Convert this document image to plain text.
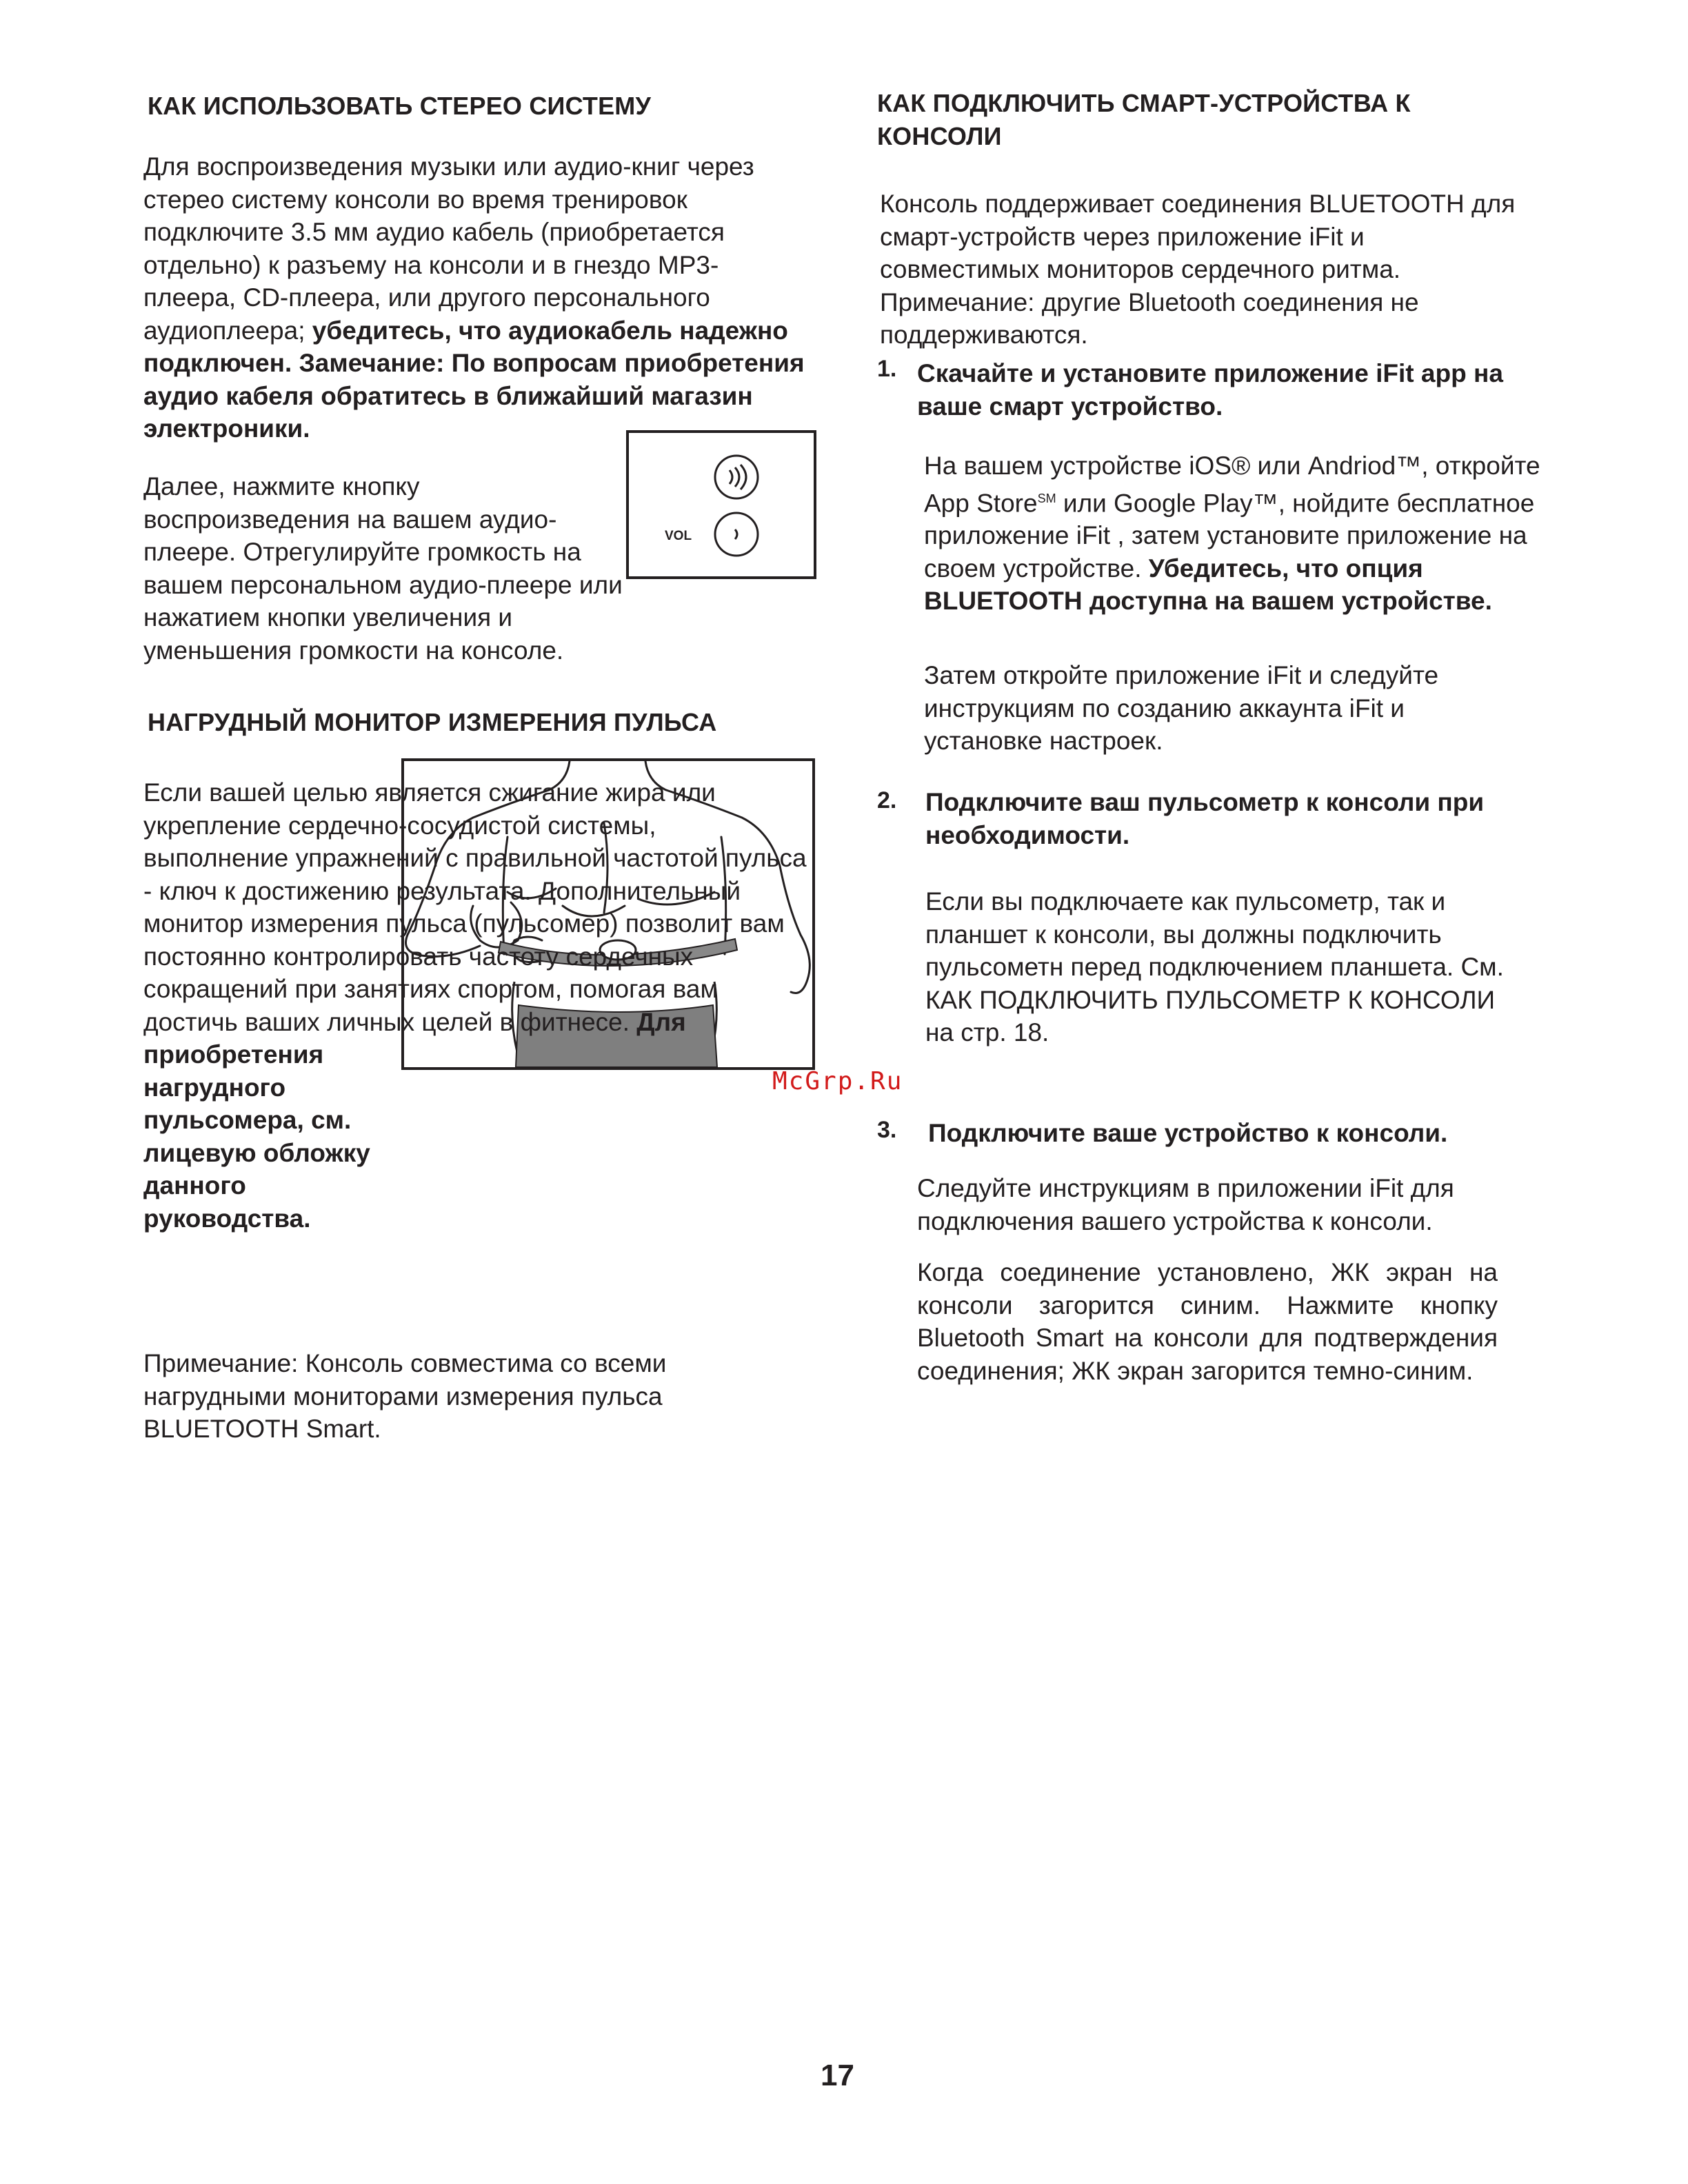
КАК ИСПОЛЬЗОВАТЬ СТЕРЕО СИСТЕМУ

Для воспроизведения музыки или аудио-книг через стерео систему консоли во время тренировок подключите 3.5 мм аудио кабель (приобретается отдельно) к разъему на консоли и в гнездо MP3-плеера, CD-плеера, или другого персонального аудиоплеера; убедитесь, что аудиокабель надежно подключен. Замечание: По вопросам приобретения аудио кабеля обратитесь в ближайший магазин электроники.

Далее, нажмите кнопку воспроизведения на вашем аудио-плеере. Отрегулируйте громкость на вашем персональном аудио-плеере или нажатием кнопки увеличения и уменьшения громкости на консоле.

VOL
НАГРУДНЫЙ МОНИТОР ИЗМЕРЕНИЯ ПУЛЬСА

Если вашей целью является сжигание жира или укрепление сердечно-сосудистой системы, выполнение упражнений с правильной частотой пульса - ключ к достижению результата. Дополнительный монитор измерения пульса (пульсомер) позволит вам постоянно контролировать частоту сердечных сокращений при занятиях спортом, помогая вам достичь ваших личных целей в фитнесе. Для приобретения нагрудного пульсомера, см. лицевую обложку данного руководства.

Примечание: Консоль совместима со всеми нагрудными мониторами измерения пульса BLUETOOTH Smart.

КАК ПОДКЛЮЧИТЬ СМАРТ-УСТРОЙСТВА К КОНСОЛИ

Консоль поддерживает соединения BLUETOOTH для смарт-устройств через приложение iFit и совместимых мониторов сердечного ритма. Примечание: другие Bluetooth соединения не поддерживаются.

1. Скачайте и установите приложение iFit app на ваше смарт устройство.

На вашем устройстве iOS® или Andriod™, откройте App Store℠ или Google Play™, нойдите бесплатное приложение iFit , затем установите приложение на своем устройстве. Убедитесь, что опция BLUETOOTH доступна на вашем устройстве.

Затем откройте приложение iFit и следуйте инструкциям по созданию аккаунта iFit и установке настроек.

2. Подключите ваш пульсометр к консоли при необходимости.

Если вы подключаете как пульсометр, так и планшет к консоли, вы должны подключить пульсометн перед подключением планшета. См. КАК ПОДКЛЮЧИТЬ ПУЛЬСОМЕТР К КОНСОЛИ на стр. 18.

McGrp.Ru
3. Подключите ваше устройство к консоли.

Следуйте инструкциям в приложении iFit для подключения вашего устройства к консоли.

Когда соединение установлено, ЖК экран на консоли загорится синим. Нажмите кнопку Bluetooth Smart на консоли для подтверждения соединения; ЖК экран загорится темно-синим.

17
